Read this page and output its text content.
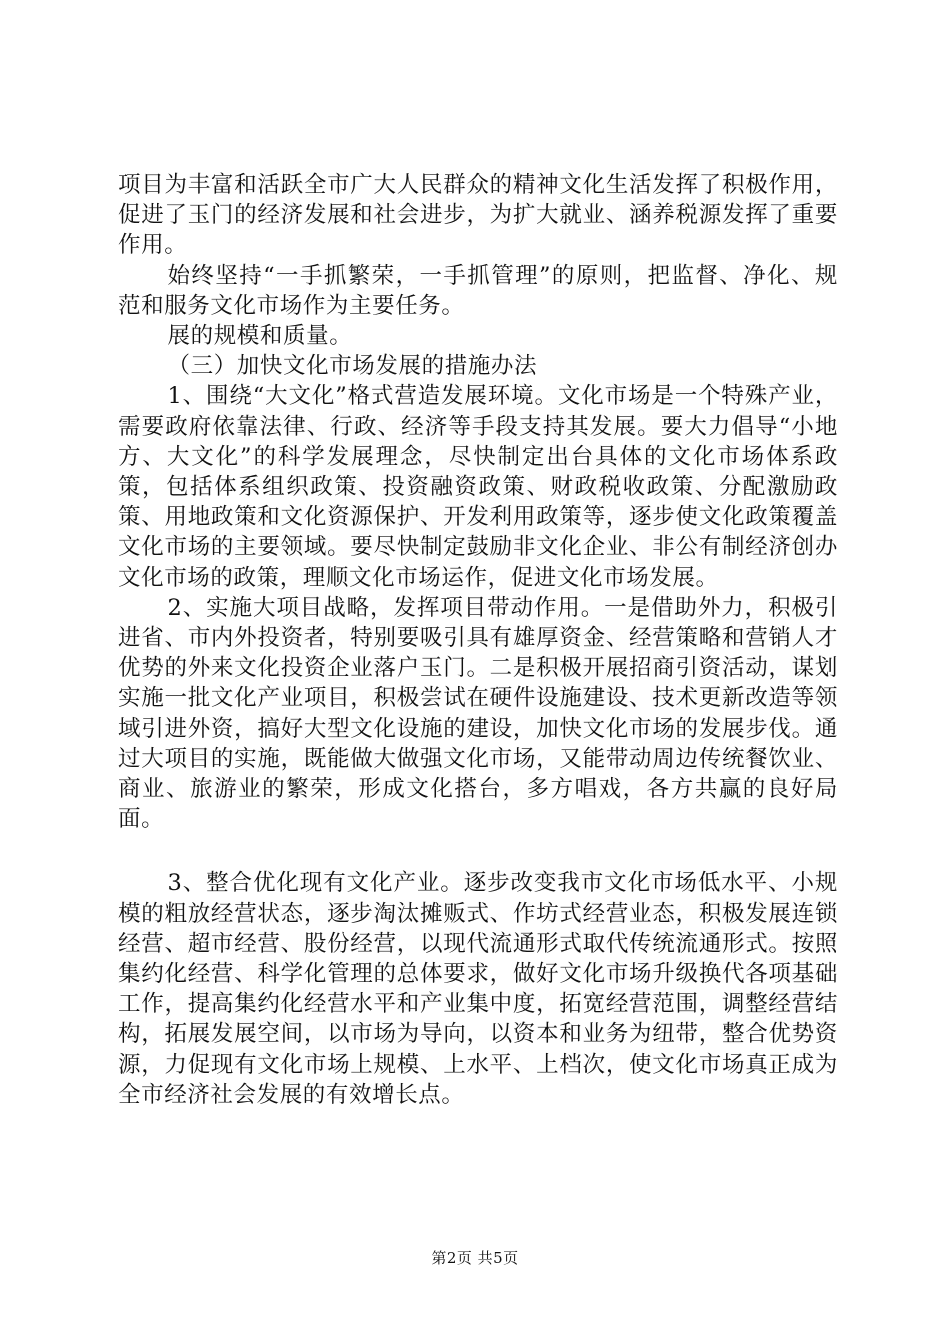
项目为丰富和活跃全市广大人民群众的精神文化生活发挥了积极作用，促进了玉门的经济发展和社会进步，为扩大就业、涵养税源发挥了重要作用。

始终坚持“一手抓繁荣，一手抓管理”的原则，把监督、净化、规范和服务文化市场作为主要任务。

展的规模和质量。

（三）加快文化市场发展的措施办法

1、围绕“大文化”格式营造发展环境。文化市场是一个特殊产业，需要政府依靠法律、行政、经济等手段支持其发展。要大力倡导“小地方、大文化”的科学发展理念，尽快制定出台具体的文化市场体系政策，包括体系组织政策、投资融资政策、财政税收政策、分配激励政策、用地政策和文化资源保护、开发利用政策等，逐步使文化政策覆盖文化市场的主要领域。要尽快制定鼓励非文化企业、非公有制经济创办文化市场的政策，理顺文化市场运作，促进文化市场发展。

2、实施大项目战略，发挥项目带动作用。一是借助外力，积极引进省、市内外投资者，特别要吸引具有雄厚资金、经营策略和营销人才优势的外来文化投资企业落户玉门。二是积极开展招商引资活动，谋划实施一批文化产业项目，积极尝试在硬件设施建设、技术更新改造等领域引进外资，搞好大型文化设施的建设，加快文化市场的发展步伐。通过大项目的实施，既能做大做强文化市场，又能带动周边传统餐饮业、商业、旅游业的繁荣，形成文化搭台，多方唱戏，各方共赢的良好局面。

3、整合优化现有文化产业。逐步改变我市文化市场低水平、小规模的粗放经营状态，逐步淘汰摊贩式、作坊式经营业态，积极发展连锁经营、超市经营、股份经营，以现代流通形式取代传统流通形式。按照集约化经营、科学化管理的总体要求，做好文化市场升级换代各项基础工作，提高集约化经营水平和产业集中度，拓宽经营范围，调整经营结构，拓展发展空间，以市场为导向，以资本和业务为纽带，整合优势资源，力促现有文化市场上规模、上水平、上档次，使文化市场真正成为全市经济社会发展的有效增长点。

第2页 共5页
